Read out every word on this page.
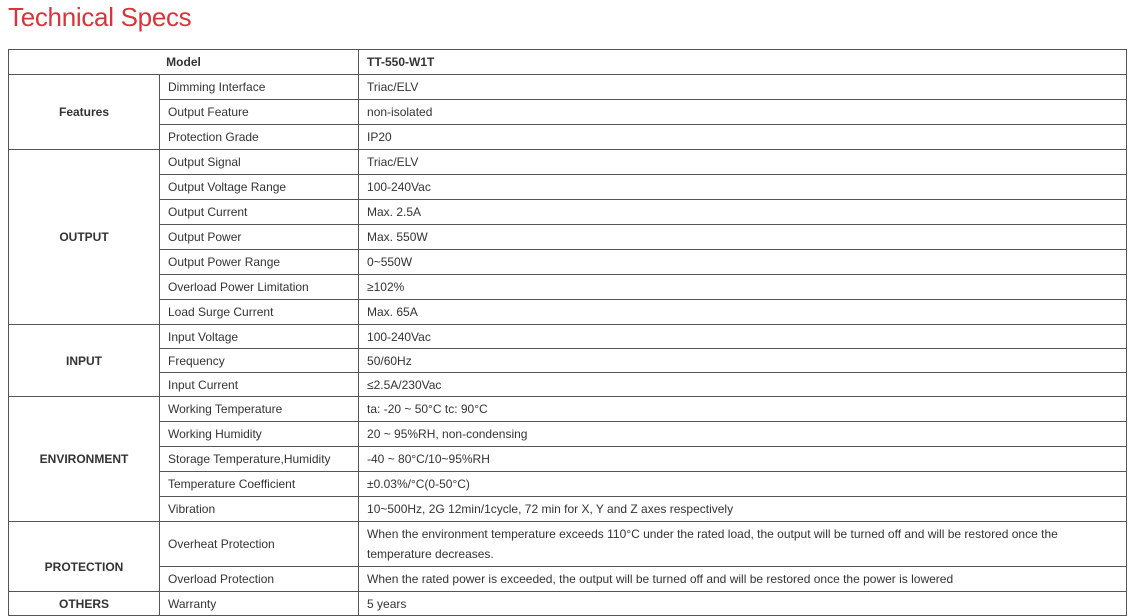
Technical Specs
Model		TT-550-W1T
Features	Dimming Interface	Triac/ELV
	Output Feature	non-isolated
	Protection Grade	IP20
OUTPUT	Output Signal	Triac/ELV
	Output Voltage Range	100-240Vac
	Output Current	Max. 2.5A
	Output Power	Max. 550W
	Output Power Range	0~550W
	Overload Power Limitation	≥102%
	Load Surge Current	Max. 65A
INPUT	Input Voltage	100-240Vac
	Frequency	50/60Hz
	Input Current	≤2.5A/230Vac
ENVIRONMENT	Working Temperature	ta: -20 ~ 50°C tc: 90°C
	Working Humidity	20 ~ 95%RH, non-condensing
	Storage Temperature,Humidity	-40 ~ 80°C/10~95%RH
	Temperature Coefficient	±0.03%/°C(0-50°C)
	Vibration	10~500Hz, 2G 12min/1cycle, 72 min for X, Y and Z axes respectively
PROTECTION	Overheat Protection	When the environment temperature exceeds 110°C under the rated load, the output will be turned off and will be restored once the temperature decreases.
	Overload Protection	When the rated power is exceeded, the output will be turned off and will be restored once the power is lowered
OTHERS	Warranty	5 years
